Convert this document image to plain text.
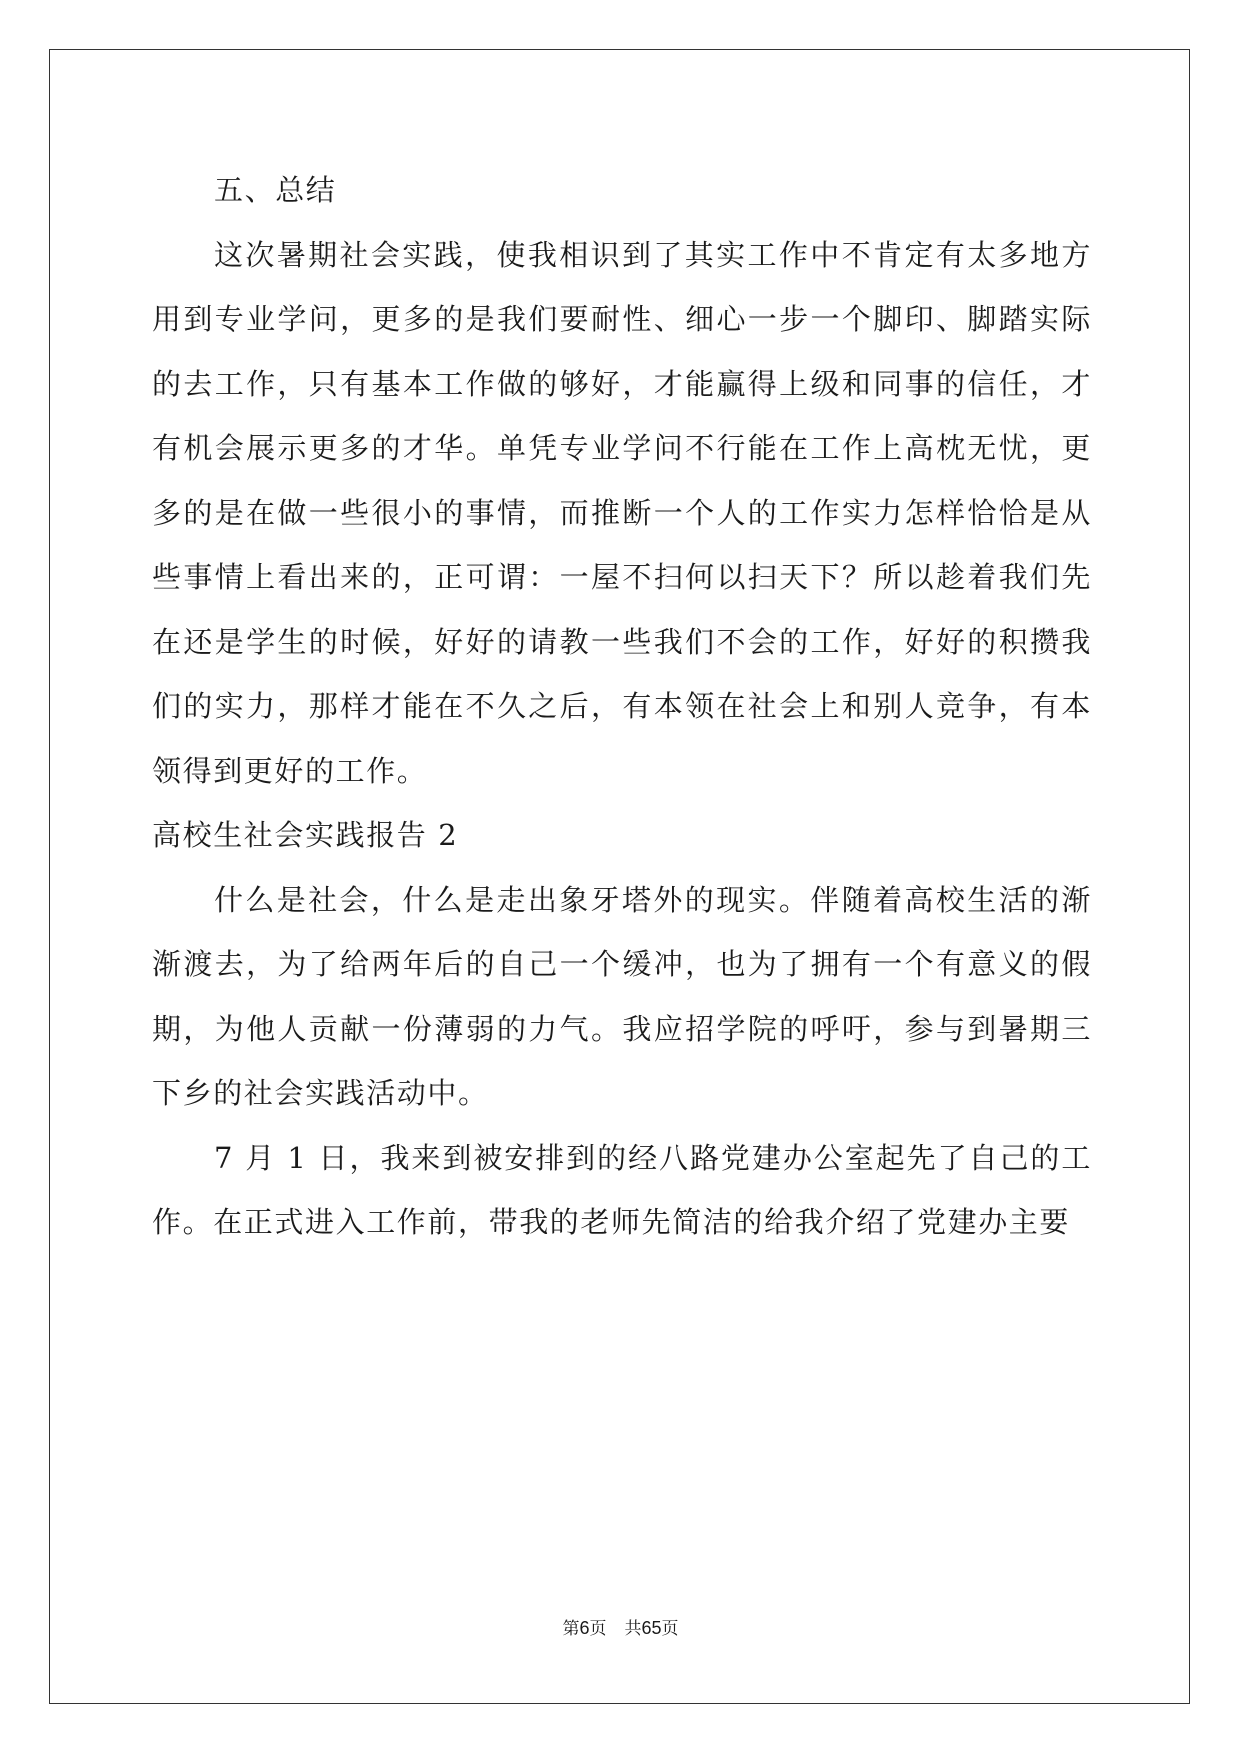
五、总结

这次暑期社会实践，使我相识到了其实工作中不肯定有太多地方用到专业学问，更多的是我们要耐性、细心一步一个脚印、脚踏实际的去工作，只有基本工作做的够好，才能赢得上级和同事的信任，才有机会展示更多的才华。单凭专业学问不行能在工作上高枕无忧，更多的是在做一些很小的事情，而推断一个人的工作实力怎样恰恰是从些事情上看出来的，正可谓：一屋不扫何以扫天下？所以趁着我们先在还是学生的时候，好好的请教一些我们不会的工作，好好的积攒我们的实力，那样才能在不久之后，有本领在社会上和别人竞争，有本领得到更好的工作。

高校生社会实践报告 2

什么是社会，什么是走出象牙塔外的现实。伴随着高校生活的渐渐渡去，为了给两年后的自己一个缓冲，也为了拥有一个有意义的假期，为他人贡献一份薄弱的力气。我应招学院的呼吁，参与到暑期三下乡的社会实践活动中。

7 月 1 日，我来到被安排到的经八路党建办公室起先了自己的工作。在正式进入工作前，带我的老师先简洁的给我介绍了党建办主要

第6页 共65页
